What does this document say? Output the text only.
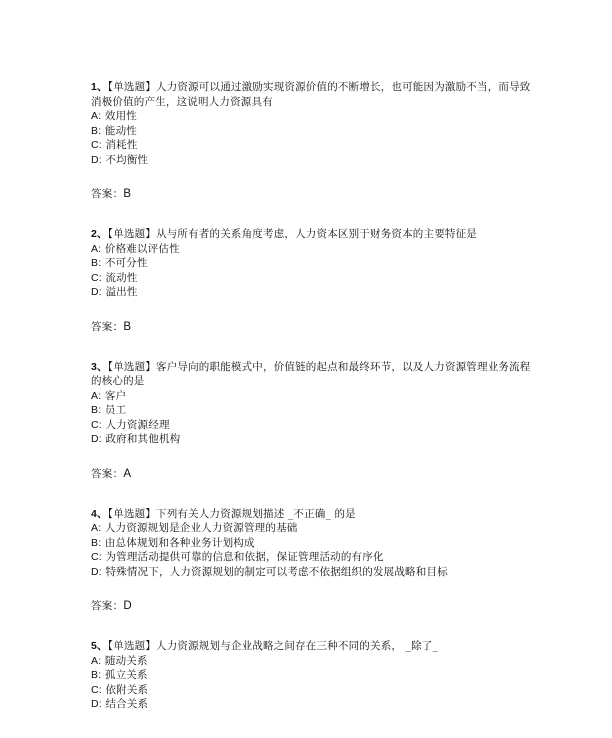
1、【单选题】人力资源可以通过激励实现资源价值的不断增长，也可能因为激励不当，而导致消极价值的产生，这说明人力资源具有

A: 效用性

B: 能动性

C: 消耗性

D: 不均衡性

答案：B

2、【单选题】从与所有者的关系角度考虑，人力资本区别于财务资本的主要特征是

A: 价格难以评估性

B: 不可分性

C: 流动性

D: 溢出性

答案：B

3、【单选题】客户导向的职能模式中，价值链的起点和最终环节，以及人力资源管理业务流程的核心的是

A: 客户

B: 员工

C: 人力资源经理

D: 政府和其他机构

答案：A

4、【单选题】下列有关人力资源规划描述 _不正确_ 的是

A: 人力资源规划是企业人力资源管理的基础

B: 由总体规划和各种业务计划构成

C: 为管理活动提供可靠的信息和依据，保证管理活动的有序化

D: 特殊情况下，人力资源规划的制定可以考虑不依据组织的发展战略和目标

答案：D

5、【单选题】人力资源规划与企业战略之间存在三种不同的关系， _除了_

A: 随动关系

B: 孤立关系

C: 依附关系

D: 结合关系
